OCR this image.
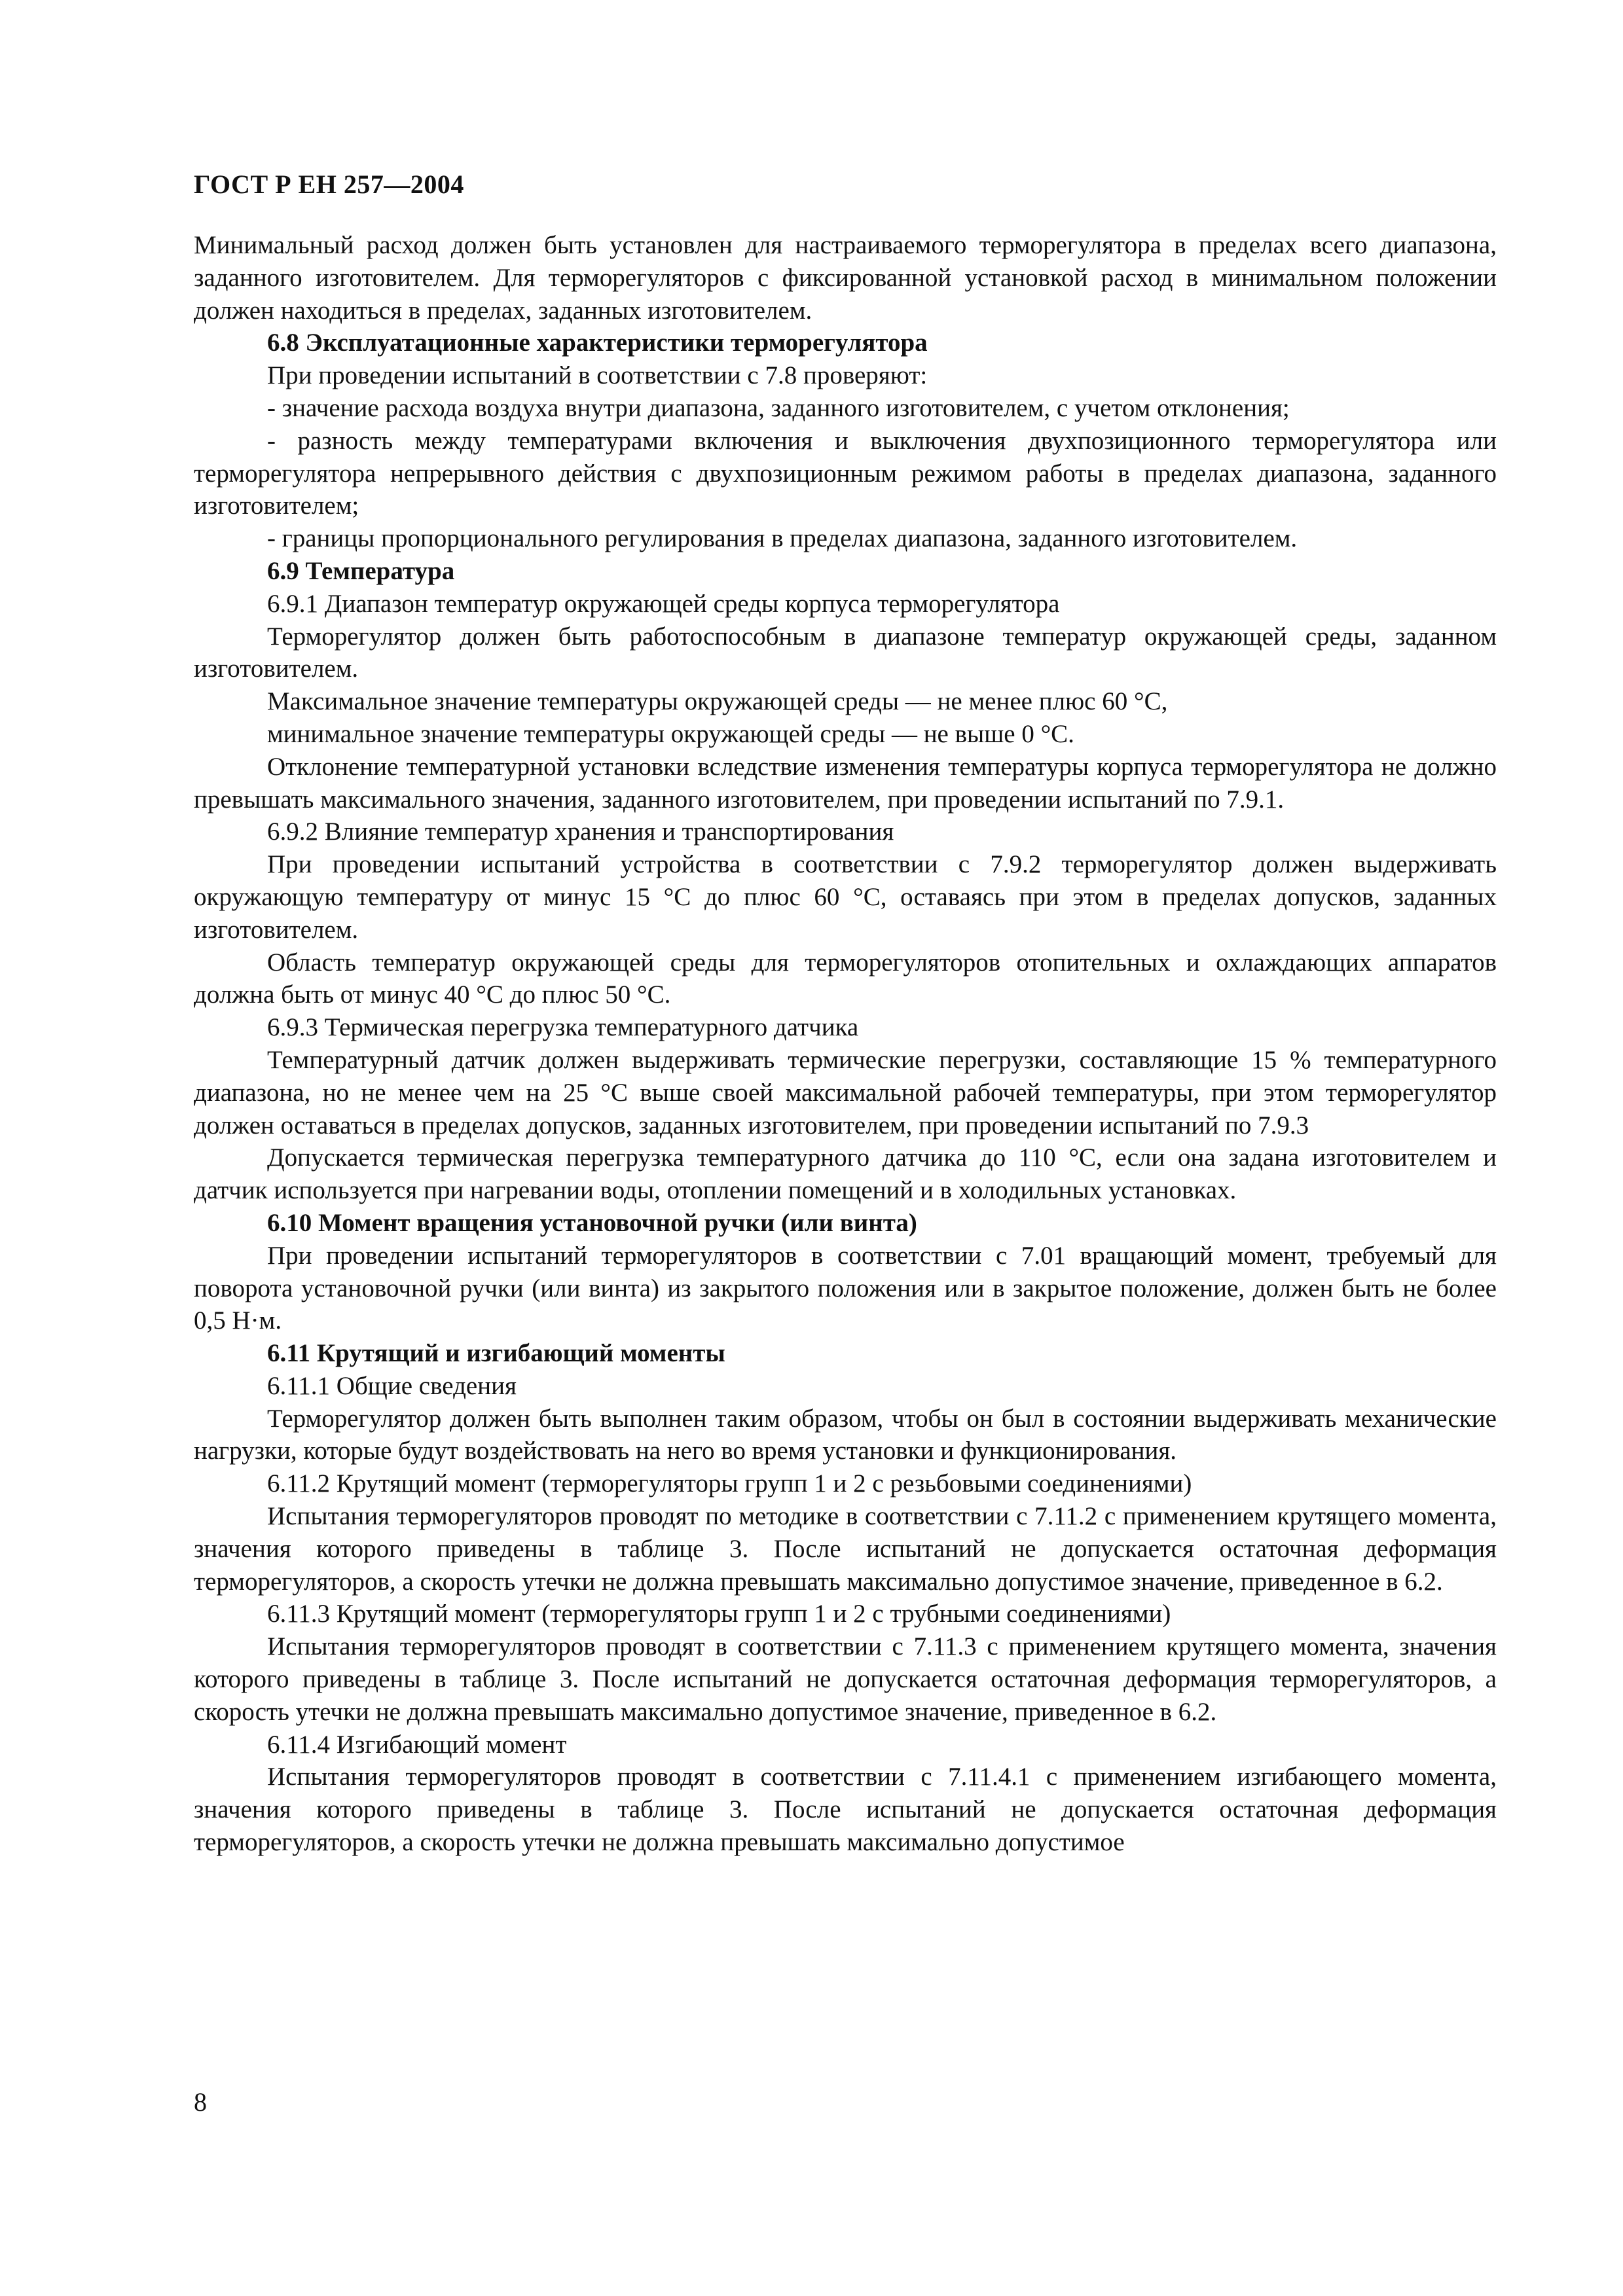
ГОСТ Р ЕН 257—2004

Минимальный расход должен быть установлен для настраиваемого терморегулятора в пределах всего диапазона, заданного изготовителем. Для терморегуляторов с фиксированной установкой расход в минимальном положении должен находиться в пределах, заданных изготовителем.

6.8 Эксплуатационные характеристики терморегулятора

При проведении испытаний в соответствии с 7.8 проверяют:

- значение расхода воздуха внутри диапазона, заданного изготовителем, с учетом отклонения;

- разность между температурами включения и выключения двухпозиционного терморегулятора или терморегулятора непрерывного действия с двухпозиционным режимом работы в пределах диапазона, заданного изготовителем;

- границы пропорционального регулирования в пределах диапазона, заданного изготовителем.

6.9 Температура

6.9.1 Диапазон температур окружающей среды корпуса терморегулятора

Терморегулятор должен быть работоспособным в диапазоне температур окружающей среды, заданном изготовителем.

Максимальное значение температуры окружающей среды — не менее плюс 60 °С,

минимальное значение температуры окружающей среды — не выше 0 °С.

Отклонение температурной установки вследствие изменения температуры корпуса терморегулятора не должно превышать максимального значения, заданного изготовителем, при проведении испытаний по 7.9.1.

6.9.2 Влияние температур хранения и транспортирования

При проведении испытаний устройства в соответствии с 7.9.2 терморегулятор должен выдерживать окружающую температуру от минус 15 °С до плюс 60 °С, оставаясь при этом в пределах допусков, заданных изготовителем.

Область температур окружающей среды для терморегуляторов отопительных и охлаждающих аппаратов должна быть от минус 40 °С до плюс 50 °С.

6.9.3 Термическая перегрузка температурного датчика

Температурный датчик должен выдерживать термические перегрузки, составляющие 15 % температурного диапазона, но не менее чем на 25 °С выше своей максимальной рабочей температуры, при этом терморегулятор должен оставаться в пределах допусков, заданных изготовителем, при проведении испытаний по 7.9.3

Допускается термическая перегрузка температурного датчика до 110 °С, если она задана изготовителем и датчик используется при нагревании воды, отоплении помещений и в холодильных установках.

6.10 Момент вращения установочной ручки (или винта)

При проведении испытаний терморегуляторов в соответствии с 7.01 вращающий момент, требуемый для поворота установочной ручки (или винта) из закрытого положения или в закрытое положение, должен быть не более 0,5 Н·м.

6.11 Крутящий и изгибающий моменты

6.11.1 Общие сведения

Терморегулятор должен быть выполнен таким образом, чтобы он был в состоянии выдерживать механические нагрузки, которые будут воздействовать на него во время установки и функционирования.

6.11.2 Крутящий момент (терморегуляторы групп 1 и 2 с резьбовыми соединениями)

Испытания терморегуляторов проводят по методике в соответствии с 7.11.2 с применением крутящего момента, значения которого приведены в таблице 3. После испытаний не допускается остаточная деформация терморегуляторов, а скорость утечки не должна превышать максимально допустимое значение, приведенное в 6.2.

6.11.3 Крутящий момент (терморегуляторы групп 1 и 2 с трубными соединениями)

Испытания терморегуляторов проводят в соответствии с 7.11.3 с применением крутящего момента, значения которого приведены в таблице 3. После испытаний не допускается остаточная деформация терморегуляторов, а скорость утечки не должна превышать максимально допустимое значение, приведенное в 6.2.

6.11.4 Изгибающий момент

Испытания терморегуляторов проводят в соответствии с 7.11.4.1 с применением изгибающего момента, значения которого приведены в таблице 3. После испытаний не допускается остаточная деформация терморегуляторов, а скорость утечки не должна превышать максимально допустимое

8
